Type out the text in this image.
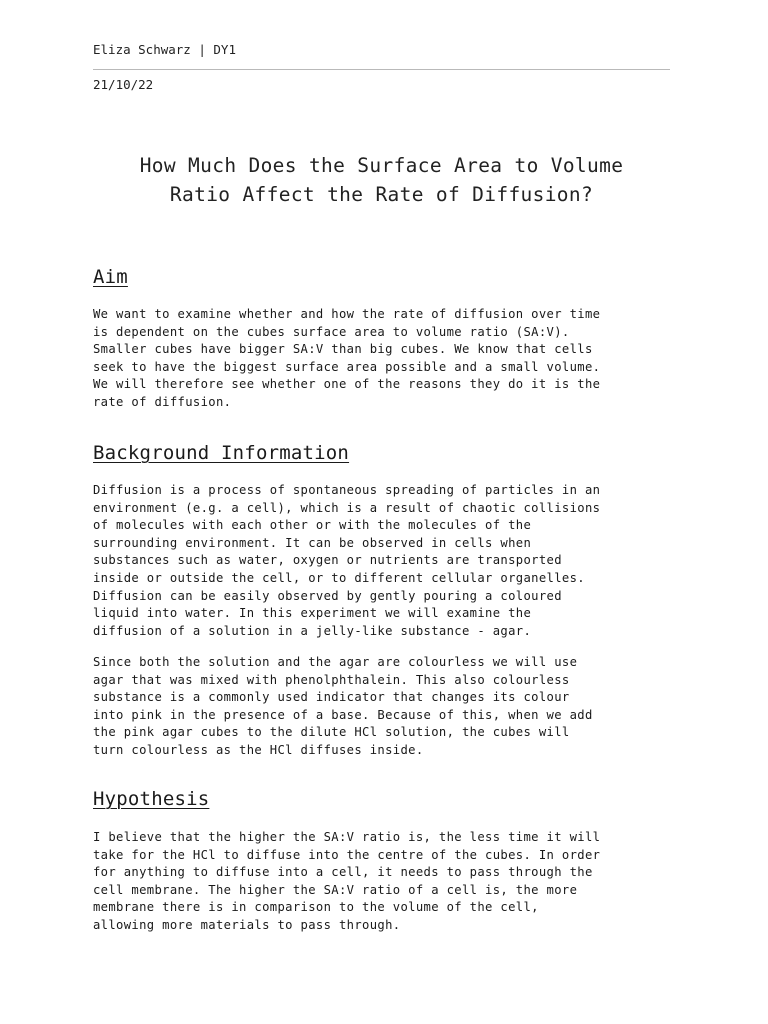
Eliza Schwarz | DY1
21/10/22
How Much Does the Surface Area to Volume
Ratio Affect the Rate of Diffusion?
Aim

We want to examine whether and how the rate of diffusion over time
is dependent on the cubes surface area to volume ratio (SA:V).
Smaller cubes have bigger SA:V than big cubes. We know that cells
seek to have the biggest surface area possible and a small volume.
We will therefore see whether one of the reasons they do it is the
rate of diffusion.

Background Information

Diffusion is a process of spontaneous spreading of particles in an
environment (e.g. a cell), which is a result of chaotic collisions
of molecules with each other or with the molecules of the
surrounding environment. It can be observed in cells when
substances such as water, oxygen or nutrients are transported
inside or outside the cell, or to different cellular organelles.
Diffusion can be easily observed by gently pouring a coloured
liquid into water. In this experiment we will examine the
diffusion of a solution in a jelly-like substance - agar.

Since both the solution and the agar are colourless we will use
agar that was mixed with phenolphthalein. This also colourless
substance is a commonly used indicator that changes its colour
into pink in the presence of a base. Because of this, when we add
the pink agar cubes to the dilute HCl solution, the cubes will
turn colourless as the HCl diffuses inside.

Hypothesis

I believe that the higher the SA:V ratio is, the less time it will
take for the HCl to diffuse into the centre of the cubes. In order
for anything to diffuse into a cell, it needs to pass through the
cell membrane. The higher the SA:V ratio of a cell is, the more
membrane there is in comparison to the volume of the cell,
allowing more materials to pass through.
